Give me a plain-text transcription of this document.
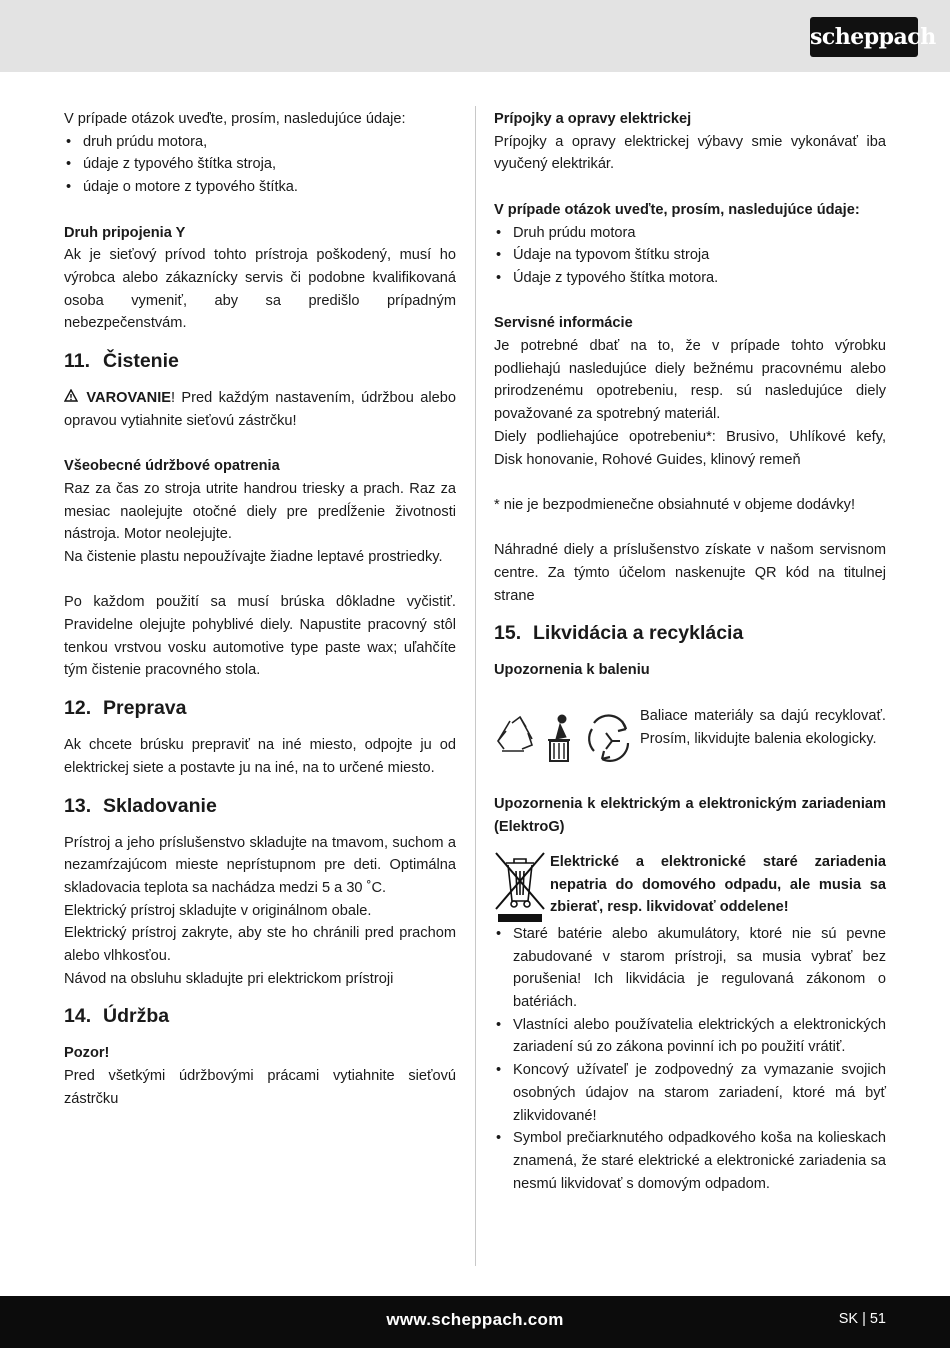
scheppach

V prípade otázok uveďte, prosím, nasledujúce údaje:

• druh prúdu motora,
• údaje z typového štítka stroja,
• údaje o motore z typového štítka.

Druh pripojenia Y

Ak je sieťový prívod tohto prístroja poškodený, musí ho výrobca alebo zákaznícky servis či podobne kvalifikovaná osoba vymeniť, aby sa predišlo prípadným nebezpečenstvám.

11. Čistenie

VAROVANIE! Pred každým nastavením, údržbou alebo opravou vytiahnite sieťovú zástrčku!

Všeobecné údržbové opatrenia

Raz za čas zo stroja utrite handrou triesky a prach. Raz za mesiac naolejujte otočné diely pre predĺženie životnosti nástroja. Motor neolejujte.

Na čistenie plastu nepoužívajte žiadne leptavé prostriedky.

Po každom použití sa musí brúska dôkladne vyčistiť. Pravidelne olejujte pohyblivé diely. Napustite pracovný stôl tenkou vrstvou vosku automotive type paste wax; uľahčíte tým čistenie pracovného stola.

12. Preprava

Ak chcete brúsku prepraviť na iné miesto, odpojte ju od elektrickej siete a postavte ju na iné, na to určené miesto.

13. Skladovanie

Prístroj a jeho príslušenstvo skladujte na tmavom, suchom a nezamŕzajúcom mieste neprístupnom pre deti. Optimálna skladovacia teplota sa nachádza medzi 5 a 30 ˚C.

Elektrický prístroj skladujte v originálnom obale.

Elektrický prístroj zakryte, aby ste ho chránili pred prachom alebo vlhkosťou.

Návod na obsluhu skladujte pri elektrickom prístroji

14. Údržba

Pozor!

Pred všetkými údržbovými prácami vytiahnite sieťovú zástrčku

Prípojky a opravy elektrickej

Prípojky a opravy elektrickej výbavy smie vykonávať iba vyučený elektrikár.

V prípade otázok uveďte, prosím, nasledujúce údaje:

• Druh prúdu motora
• Údaje na typovom štítku stroja
• Údaje z typového štítka motora.

Servisné informácie

Je potrebné dbať na to, že v prípade tohto výrobku podliehajú nasledujúce diely bežnému pracovnému alebo prirodzenému opotrebeniu, resp. sú nasledujúce diely považované za spotrebný materiál.

Diely podliehajúce opotrebeniu*: Brusivo, Uhlíkové kefy, Disk honovanie, Rohové Guides, klinový remeň

* nie je bezpodmienečne obsiahnuté v objeme dodávky!

Náhradné diely a príslušenstvo získate v našom servisnom centre. Za týmto účelom naskenujte QR kód na titulnej strane

15. Likvidácia a recyklácia

Upozornenia k baleniu

Baliace materiály sa dajú recyklovať. Prosím, likvidujte balenia ekologicky.

Upozornenia k elektrickým a elektronickým zariadeniam (ElektroG)

Elektrické a elektronické staré zariadenia nepatria do domového odpadu, ale musia sa zbierať, resp. likvidovať oddelene!

• Staré batérie alebo akumulátory, ktoré nie sú pevne zabudované v starom prístroji, sa musia vybrať bez porušenia! Ich likvidácia je regulovaná zákonom o batériách.
• Vlastníci alebo používatelia elektrických a elektronických zariadení sú zo zákona povinní ich po použití vrátiť.
• Koncový užívateľ je zodpovedný za vymazanie svojich osobných údajov na starom zariadení, ktoré má byť zlikvidované!
• Symbol prečiarknutého odpadkového koša na kolieskach znamená, že staré elektrické a elektronické zariadenia sa nesmú likvidovať s domovým odpadom.
www.scheppach.com	SK | 51
